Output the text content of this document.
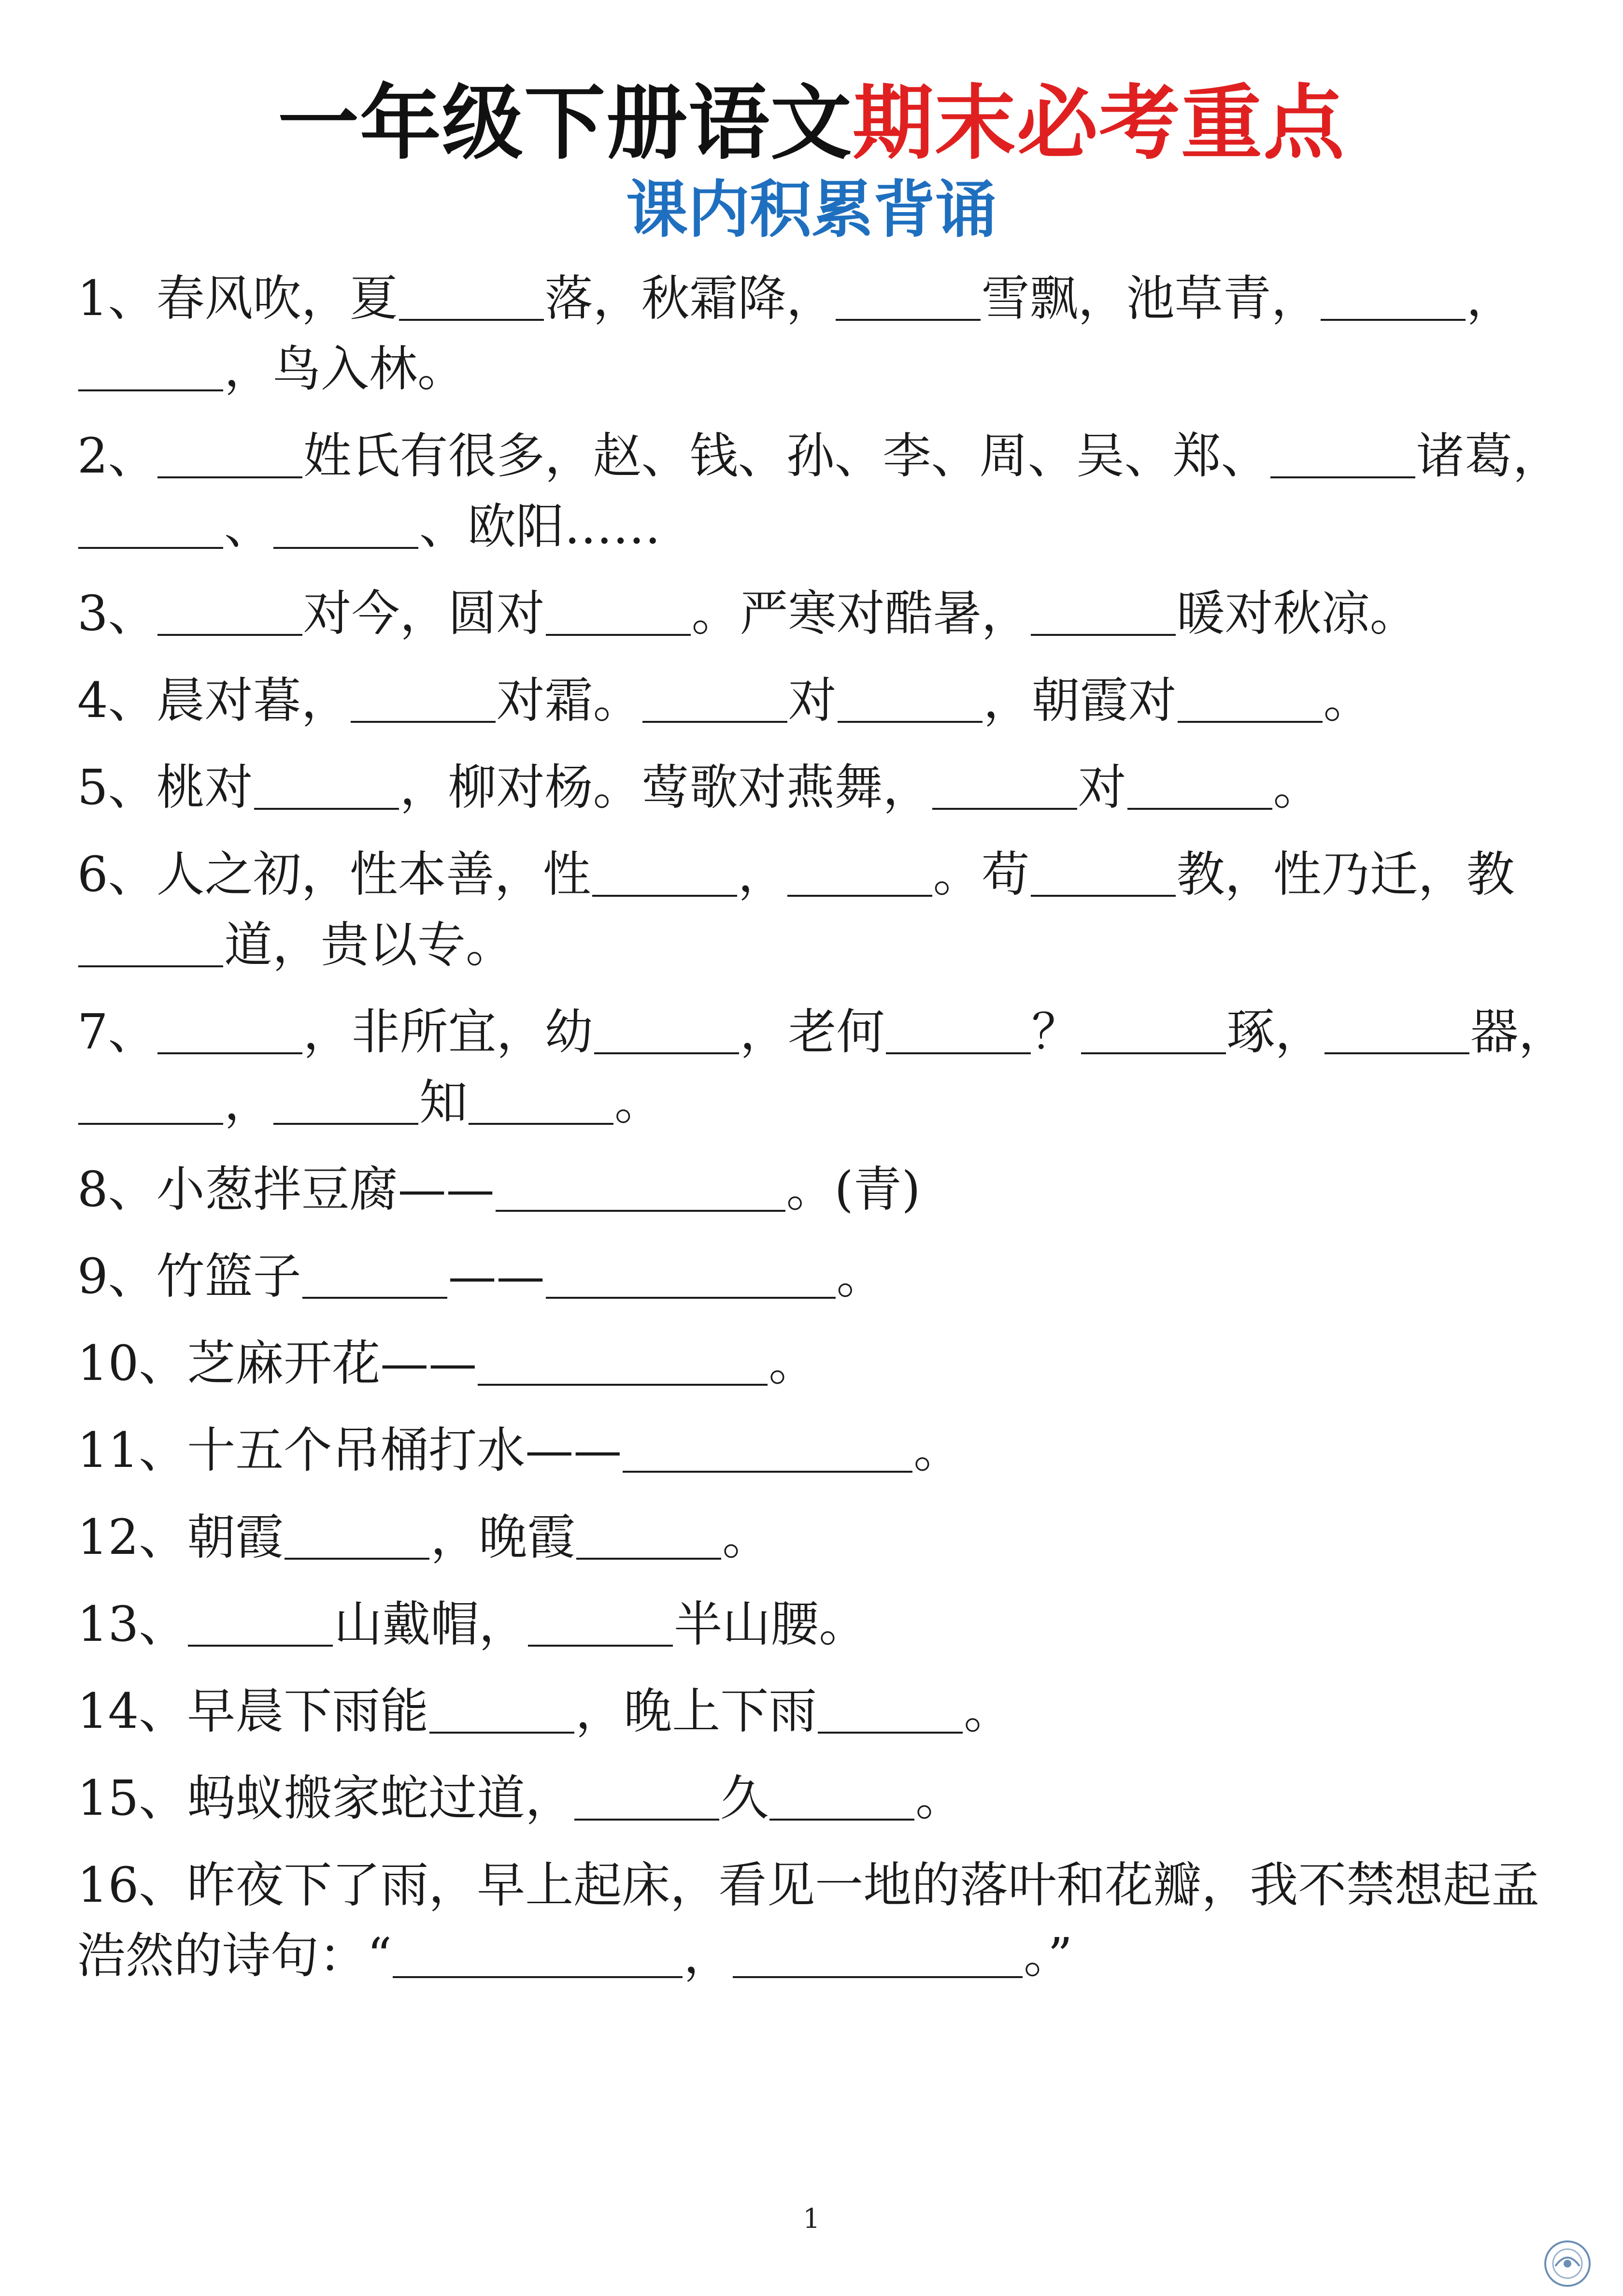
一年级下册语文期末必考重点
课内积累背诵
1、春风吹，夏	落，秋霜降，	雪飘，池草青，	，
，鸟入林。
2、	姓氏有很多，赵、钱、孙、李、周、吴、郑、	诸葛，
、	、欧阳……
3、	对今，圆对	。严寒对酷暑，	暖对秋凉。
4、晨对暮，	对霜。	对	，朝霞对	。
5、桃对	，柳对杨。莺歌对燕舞，	对	。
6、人之初，性本善，性	，	。苟	教，性乃迁，教
道，贵以专。
7、	，非所宜，幼	，老何	？	琢，	器，
，	知	。
8、小葱拌豆腐——	。(青)
9、竹篮子	——	。
10、芝麻开花——	。
11、十五个吊桶打水——	。
12、朝霞	，晚霞	。
13、	山戴帽，	半山腰。
14、早晨下雨能	，晚上下雨	。
15、蚂蚁搬家蛇过道，	久	。
16、昨夜下了雨，早上起床，看见一地的落叶和花瓣，我不禁想起孟
浩然的诗句：“	，	。”
1
